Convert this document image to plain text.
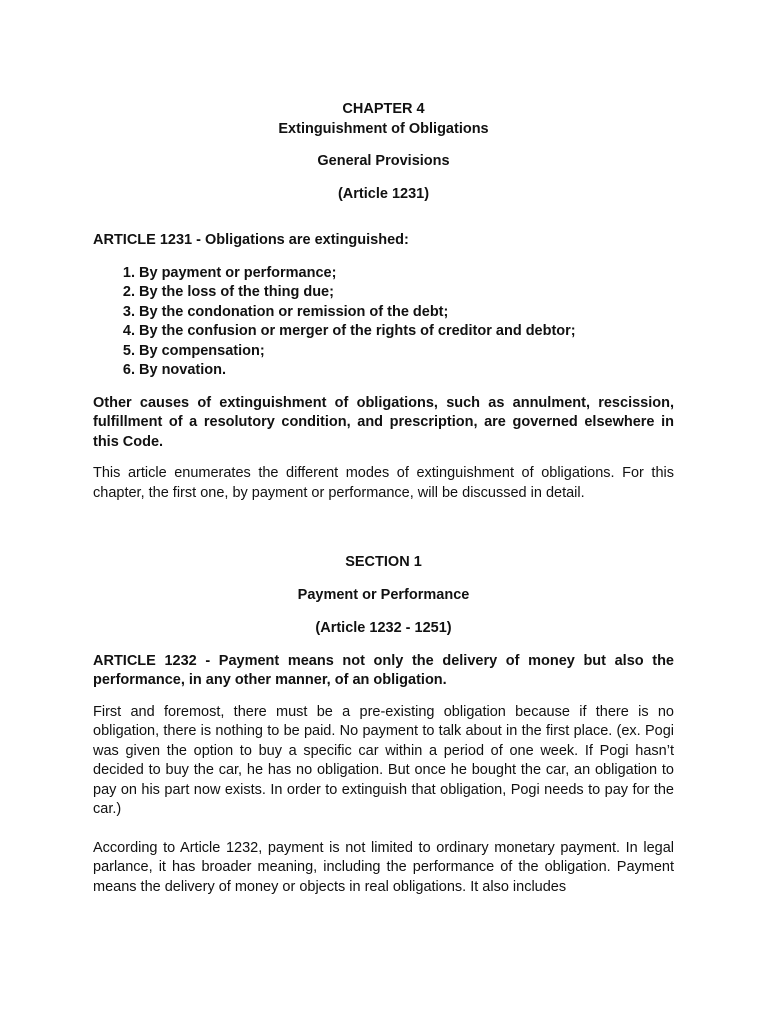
CHAPTER 4
Extinguishment of Obligations
General Provisions
(Article 1231)
ARTICLE 1231 - Obligations are extinguished:
1. By payment or performance;
2. By the loss of the thing due;
3. By the condonation or remission of the debt;
4. By the confusion or merger of the rights of creditor and debtor;
5. By compensation;
6. By novation.
Other causes of extinguishment of obligations, such as annulment, rescission, fulfillment of a resolutory condition, and prescription, are governed elsewhere in this Code.
This article enumerates the different modes of extinguishment of obligations. For this chapter, the first one, by payment or performance, will be discussed in detail.
SECTION 1
Payment or Performance
(Article 1232 - 1251)
ARTICLE 1232 - Payment means not only the delivery of money but also the performance, in any other manner, of an obligation.
First and foremost, there must be a pre-existing obligation because if there is no obligation, there is nothing to be paid. No payment to talk about in the first place. (ex. Pogi was given the option to buy a specific car within a period of one week. If Pogi hasn’t decided to buy the car, he has no obligation. But once he bought the car, an obligation to pay on his part now exists. In order to extinguish that obligation, Pogi needs to pay for the car.)
According to Article 1232, payment is not limited to ordinary monetary payment. In legal parlance, it has broader meaning, including the performance of the obligation. Payment means the delivery of money or objects in real obligations. It also includes
